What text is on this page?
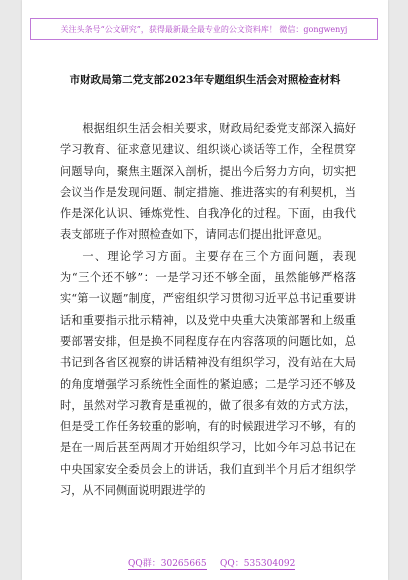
关注头条号“公文研究”，获得最新最全最专业的公文资料库！ 微信：gongwenyj
市财政局第二党支部2023年专题组织生活会对照检查材料

根据组织生活会相关要求，财政局纪委党支部深入搞好学习教育、征求意见建议、组织谈心谈话等工作，全程贯穿问题导向，聚焦主题深入剖析，提出今后努力方向，切实把会议当作是发现问题、制定措施、推进落实的有利契机，当作是深化认识、锤炼党性、自我净化的过程。下面，由我代表支部班子作对照检查如下，请同志们提出批评意见。

一、理论学习方面。主要存在三个方面问题，表现为“三个还不够”：一是学习还不够全面，虽然能够严格落实“第一议题”制度，严密组织学习贯彻习近平总书记重要讲话和重要指示批示精神，以及党中央重大决策部署和上级重要部署安排，但是换不同程度存在内容落项的问题比如，总书记到各省区视察的讲话精神没有组织学习，没有站在大局的角度增强学习系统性全面性的紧迫感；二是学习还不够及时，虽然对学习教育是重视的，做了很多有效的方式方法，但是受工作任务较重的影响，有的时候跟进学习不够，有的是在一周后甚至两周才开始组织学习，比如今年习总书记在中央国家安全委员会上的讲话，我们直到半个月后才组织学习，从不同侧面说明跟进学的

QQ群：30265665 QQ：535304092
